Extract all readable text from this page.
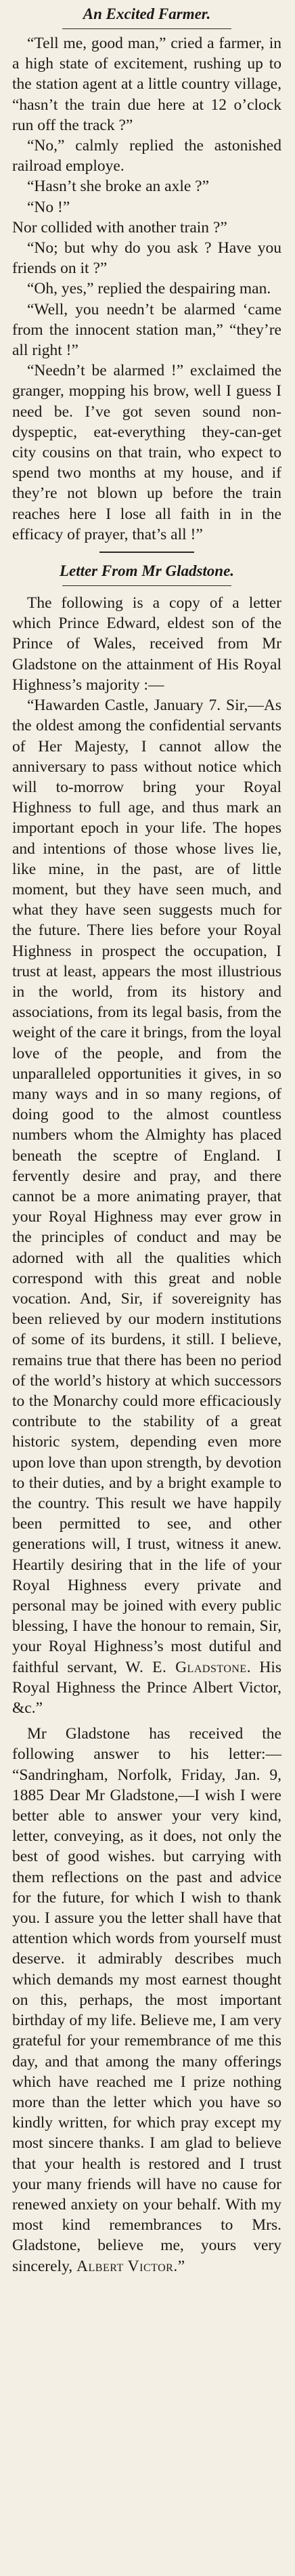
An Excited Farmer.

“Tell me, good man,” cried a farmer, in a high state of excitement, rushing up to the station agent at a little country village, “hasn’t the train due here at 12 o’clock run off the track ?”

“No,” calmly replied the astonished railroad employe.

“Hasn’t she broke an axle ?”

“No !”

Nor collided with another train ?”

“No; but why do you ask ? Have you friends on it ?”

“Oh, yes,” replied the despairing man.

“Well, you needn’t be alarmed ‘came from the innocent station man,” “they’re all right !”

“Needn’t be alarmed !” exclaimed the granger, mopping his brow, well I guess I need be. I’ve got seven sound non-dyspeptic, eat-everything they-can-get city cousins on that train, who expect to spend two months at my house, and if they’re not blown up before the train reaches here I lose all faith in in the efficacy of prayer, that’s all !”

Letter From Mr Gladstone.

The following is a copy of a letter which Prince Edward, eldest son of the Prince of Wales, received from Mr Gladstone on the attainment of His Royal Highness’s majority :—

“Hawarden Castle, January 7. Sir,—As the oldest among the confidential servants of Her Majesty, I cannot allow the anniversary to pass without notice which will to-morrow bring your Royal Highness to full age, and thus mark an important epoch in your life. The hopes and intentions of those whose lives lie, like mine, in the past, are of little moment, but they have seen much, and what they have seen suggests much for the future. There lies before your Royal Highness in prospect the occupation, I trust at least, appears the most illustrious in the world, from its history and associations, from its legal basis, from the weight of the care it brings, from the loyal love of the people, and from the unparalleled opportunities it gives, in so many ways and in so many regions, of doing good to the almost countless numbers whom the Almighty has placed beneath the sceptre of England. I fervently desire and pray, and there cannot be a more animating prayer, that your Royal Highness may ever grow in the principles of conduct and may be adorned with all the qualities which correspond with this great and noble vocation. And, Sir, if sovereignity has been relieved by our modern institutions of some of its burdens, it still. I believe, remains true that there has been no period of the world’s history at which successors to the Monarchy could more efficaciously contribute to the stability of a great historic system, depending even more upon love than upon strength, by devotion to their duties, and by a bright example to the country. This result we have happily been permitted to see, and other generations will, I trust, witness it anew. Heartily desiring that in the life of your Royal Highness every private and personal may be joined with every public blessing, I have the honour to remain, Sir, your Royal Highness’s most dutiful and faithful servant, W. E. Gladstone. His Royal Highness the Prince Albert Victor, &c.”

Mr Gladstone has received the following answer to his letter:— “Sandringham, Norfolk, Friday, Jan. 9, 1885 Dear Mr Gladstone,—I wish I were better able to answer your very kind, letter, conveying, as it does, not only the best of good wishes. but carrying with them reflections on the past and advice for the future, for which I wish to thank you. I assure you the letter shall have that attention which words from yourself must deserve. it admirably describes much which demands my most earnest thought on this, perhaps, the most important birthday of my life. Believe me, I am very grateful for your remembrance of me this day, and that among the many offerings which have reached me I prize nothing more than the letter which you have so kindly written, for which pray except my most sincere thanks. I am glad to believe that your health is restored and I trust your many friends will have no cause for renewed anxiety on your behalf. With my most kind remembrances to Mrs. Gladstone, believe me, yours very sincerely, Albert Victor.”
